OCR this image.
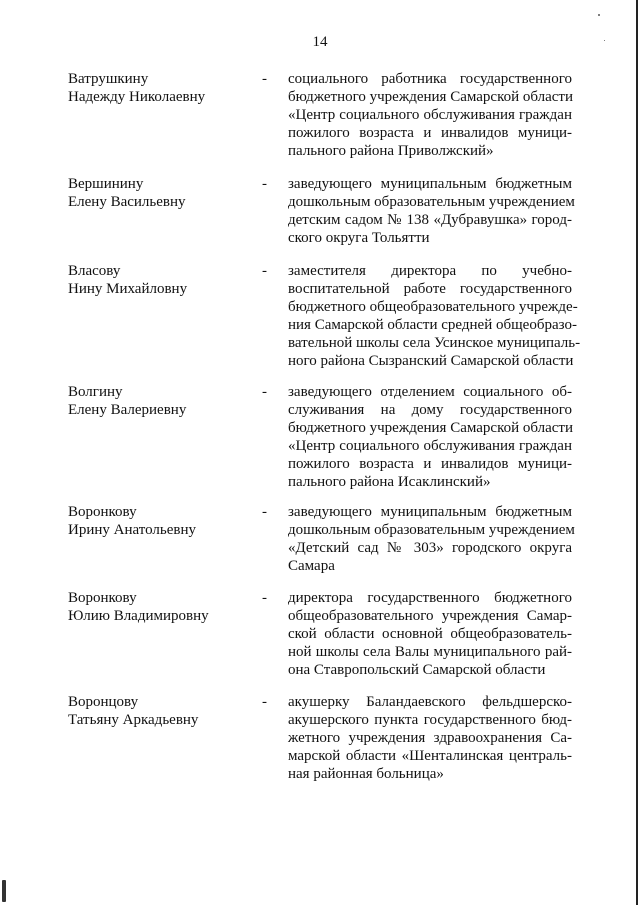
14
Ватрушкину
Надежду Николаевну
-	социального работника государственного
бюджетного учреждения Самарской области
«Центр социального обслуживания граждан
пожилого возраста и инвалидов муници-
пального района Приволжский»
Вершинину
Елену Васильевну
-	заведующего муниципальным бюджетным
дошкольным образовательным учреждением
детским садом № 138 «Дубравушка» город-
ского округа Тольятти
Власову
Нину Михайловну
-	заместителя директора по учебно-
воспитательной работе государственного
бюджетного общеобразовательного учрежде-
ния Самарской области средней общеобразо-
вательной школы села Усинское муниципаль-
ного района Сызранский Самарской области
Волгину
Елену Валериевну
-	заведующего отделением социального об-
служивания на дому государственного
бюджетного учреждения Самарской области
«Центр социального обслуживания граждан
пожилого возраста и инвалидов муници-
пального района Исаклинский»
Воронкову
Ирину Анатольевну
-	заведующего муниципальным бюджетным
дошкольным образовательным учреждением
«Детский сад № 303» городского округа
Самара
Воронкову
Юлию Владимировну
-	директора государственного бюджетного
общеобразовательного учреждения Самар-
ской области основной общеобразователь-
ной школы села Валы муниципального рай-
она Ставропольский Самарской области
Воронцову
Татьяну Аркадьевну
-	акушерку Баландаевского фельдшерско-
акушерского пункта государственного бюд-
жетного учреждения здравоохранения Са-
марской области «Шенталинская централь-
ная районная больница»
